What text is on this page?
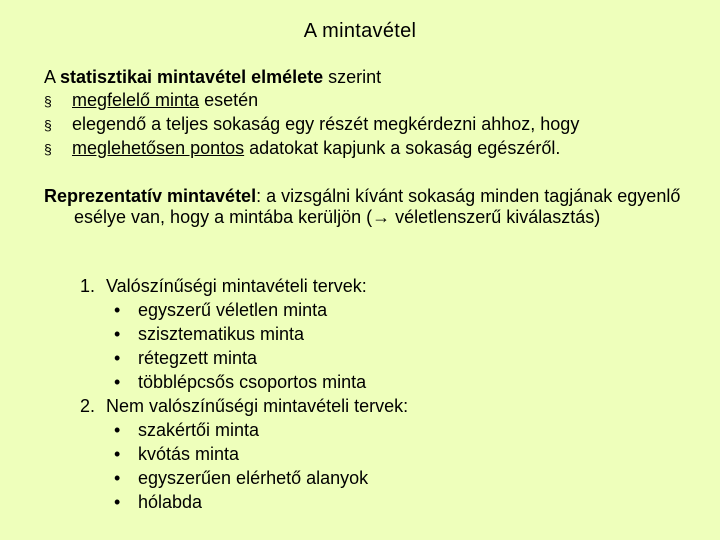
A mintavétel
A statisztikai mintavétel elmélete szerint
§ megfelelő minta esetén
§ elegendő a teljes sokaság egy részét megkérdezni ahhoz, hogy
§ meglehetősen pontos adatokat kapjunk a sokaság egészéről.
Reprezentatív mintavétel: a vizsgálni kívánt sokaság minden tagjának egyenlő esélye van, hogy a mintába kerüljön (→ véletlenszerű kiválasztás)
1. Valószínűségi mintavételi tervek:
• egyszerű véletlen minta
• szisztematikus minta
• rétegzett minta
• többlépcsős csoportos minta
2. Nem valószínűségi mintavételi tervek:
• szakértői minta
• kvótás minta
• egyszerűen elérhető alanyok
• hólabda
